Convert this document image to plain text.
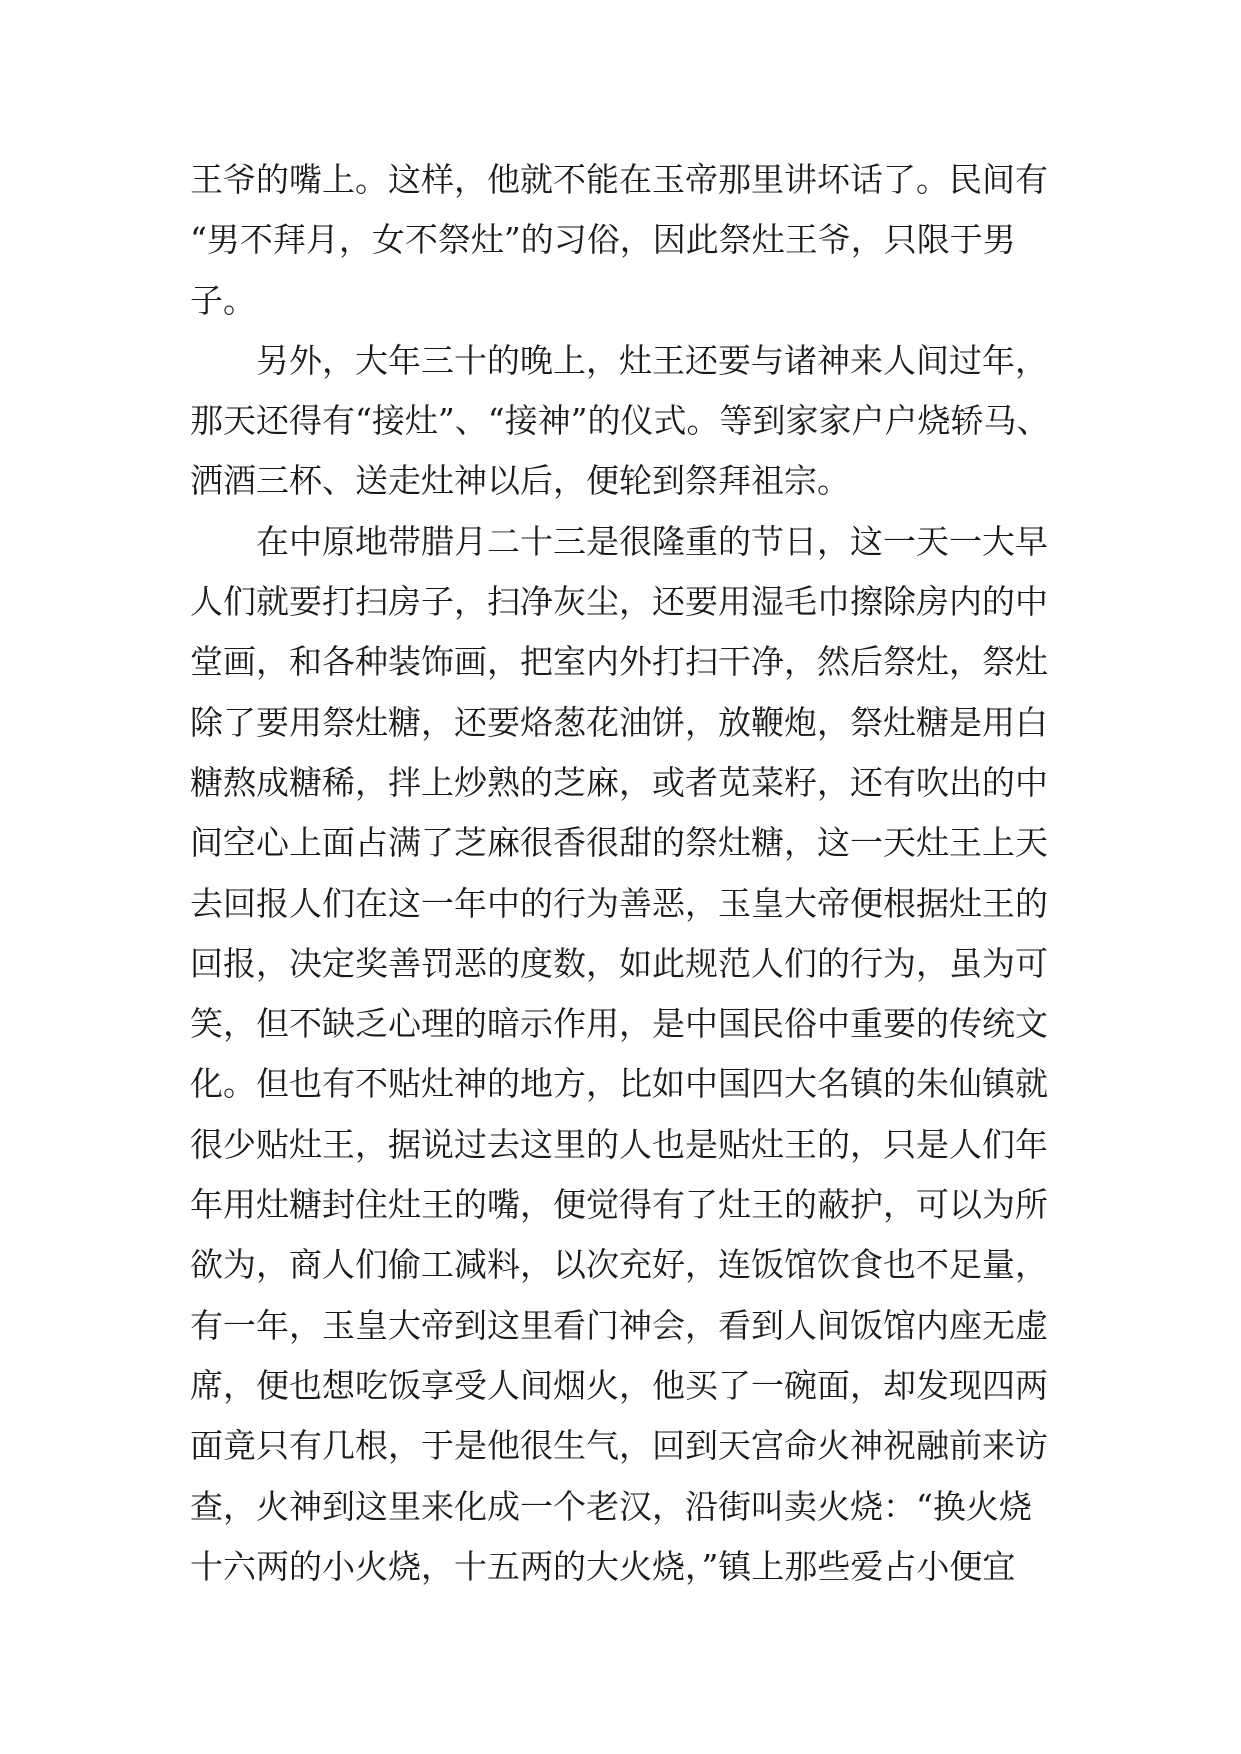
王爷的嘴上。这样，他就不能在玉帝那里讲坏话了。民间有
“男不拜月，女不祭灶”的习俗，因此祭灶王爷，只限于男
子。
另外，大年三十的晚上，灶王还要与诸神来人间过年，
那天还得有“接灶”、“接神”的仪式。等到家家户户烧轿马、
洒酒三杯、送走灶神以后，便轮到祭拜祖宗。
在中原地带腊月二十三是很隆重的节日，这一天一大早
人们就要打扫房子，扫净灰尘，还要用湿毛巾擦除房内的中
堂画，和各种装饰画，把室内外打扫干净，然后祭灶，祭灶
除了要用祭灶糖，还要烙葱花油饼，放鞭炮，祭灶糖是用白
糖熬成糖稀，拌上炒熟的芝麻，或者苋菜籽，还有吹出的中
间空心上面占满了芝麻很香很甜的祭灶糖，这一天灶王上天
去回报人们在这一年中的行为善恶，玉皇大帝便根据灶王的
回报，决定奖善罚恶的度数，如此规范人们的行为，虽为可
笑，但不缺乏心理的暗示作用，是中国民俗中重要的传统文
化。但也有不贴灶神的地方，比如中国四大名镇的朱仙镇就
很少贴灶王，据说过去这里的人也是贴灶王的，只是人们年
年用灶糖封住灶王的嘴，便觉得有了灶王的蔽护，可以为所
欲为，商人们偷工减料，以次充好，连饭馆饮食也不足量，
有一年，玉皇大帝到这里看门神会，看到人间饭馆内座无虚
席，便也想吃饭享受人间烟火，他买了一碗面，却发现四两
面竟只有几根，于是他很生气，回到天宫命火神祝融前来访
查，火神到这里来化成一个老汉，沿街叫卖火烧：“换火烧
十六两的小火烧，十五两的大火烧，”镇上那些爱占小便宜
